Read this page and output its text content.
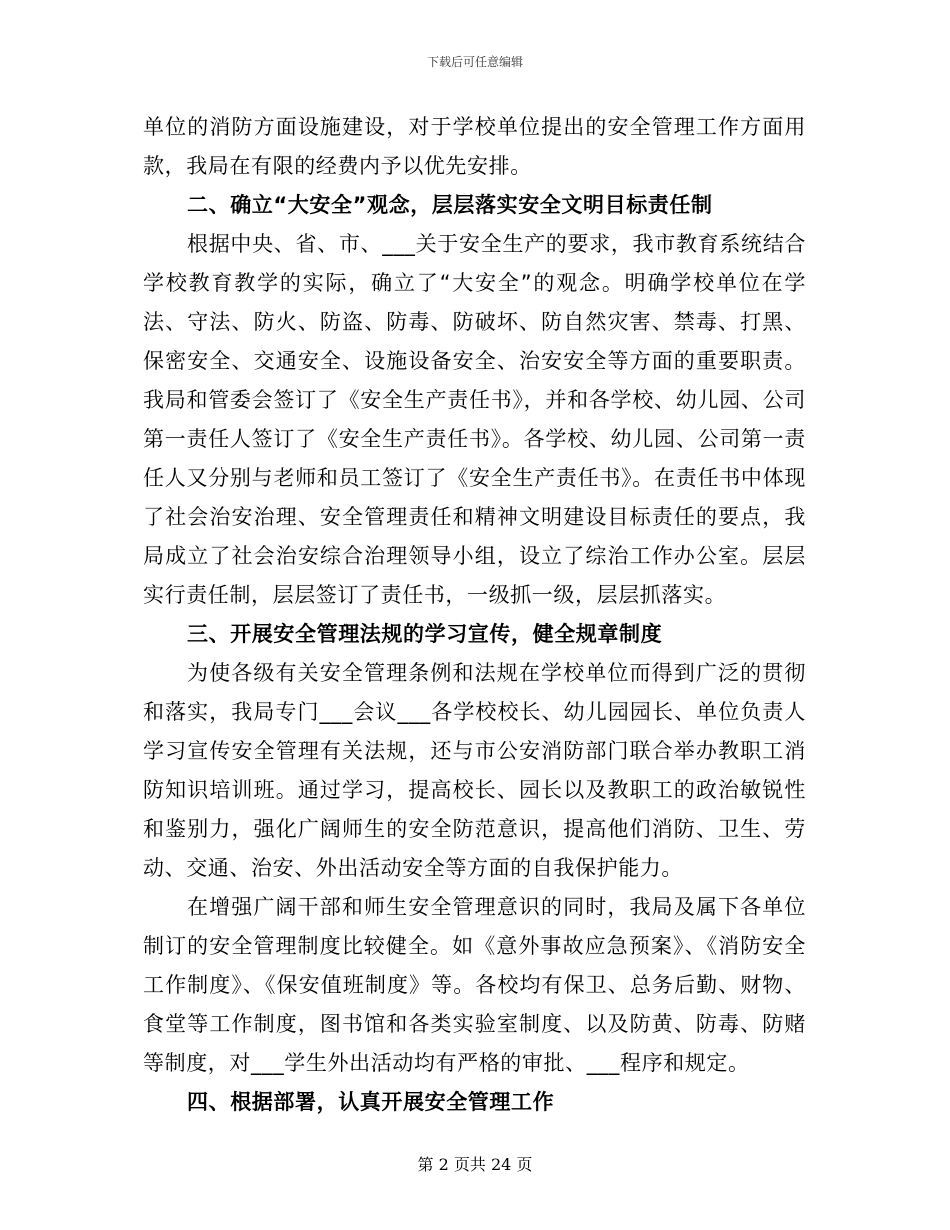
下载后可任意编辑

单位的消防方面设施建设，对于学校单位提出的安全管理工作方面用款，我局在有限的经费内予以优先安排。

二、确立“大安全”观念，层层落实安全文明目标责任制

根据中央、省、市、___关于安全生产的要求，我市教育系统结合学校教育教学的实际，确立了“大安全”的观念。明确学校单位在学法、守法、防火、防盗、防毒、防破坏、防自然灾害、禁毒、打黑、保密安全、交通安全、设施设备安全、治安安全等方面的重要职责。我局和管委会签订了《安全生产责任书》，并和各学校、幼儿园、公司第一责任人签订了《安全生产责任书》。各学校、幼儿园、公司第一责任人又分别与老师和员工签订了《安全生产责任书》。在责任书中体现了社会治安治理、安全管理责任和精神文明建设目标责任的要点，我局成立了社会治安综合治理领导小组，设立了综治工作办公室。层层实行责任制，层层签订了责任书，一级抓一级，层层抓落实。

三、开展安全管理法规的学习宣传，健全规章制度

为使各级有关安全管理条例和法规在学校单位而得到广泛的贯彻和落实，我局专门___会议___各学校校长、幼儿园园长、单位负责人学习宣传安全管理有关法规，还与市公安消防部门联合举办教职工消防知识培训班。通过学习，提高校长、园长以及教职工的政治敏锐性和鉴别力，强化广阔师生的安全防范意识，提高他们消防、卫生、劳动、交通、治安、外出活动安全等方面的自我保护能力。

在增强广阔干部和师生安全管理意识的同时，我局及属下各单位制订的安全管理制度比较健全。如《意外事故应急预案》、《消防安全工作制度》、《保安值班制度》等。各校均有保卫、总务后勤、财物、食堂等工作制度，图书馆和各类实验室制度、以及防黄、防毒、防赌等制度，对___学生外出活动均有严格的审批、___程序和规定。

四、根据部署，认真开展安全管理工作

第 2 页共 24 页
